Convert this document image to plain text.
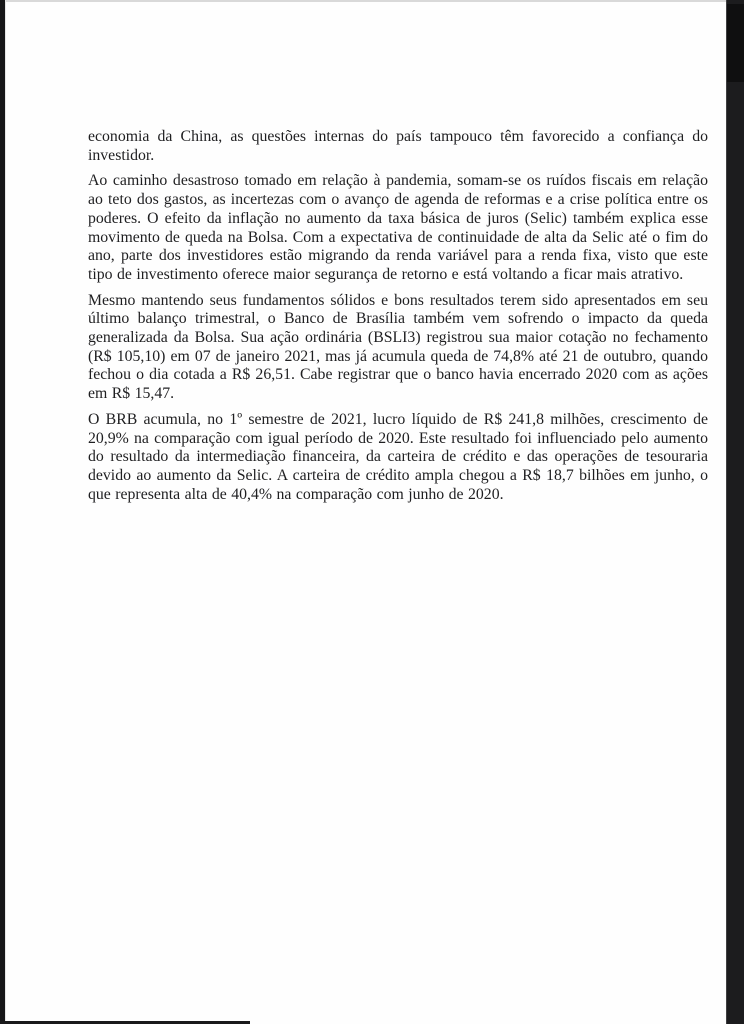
economia da China, as questões internas do país tampouco têm favorecido a confiança do investidor.

Ao caminho desastroso tomado em relação à pandemia, somam-se os ruídos fiscais em relação ao teto dos gastos, as incertezas com o avanço de agenda de reformas e a crise política entre os poderes. O efeito da inflação no aumento da taxa básica de juros (Selic) também explica esse movimento de queda na Bolsa. Com a expectativa de continuidade de alta da Selic até o fim do ano, parte dos investidores estão migrando da renda variável para a renda fixa, visto que este tipo de investimento oferece maior segurança de retorno e está voltando a ficar mais atrativo.

Mesmo mantendo seus fundamentos sólidos e bons resultados terem sido apresentados em seu último balanço trimestral, o Banco de Brasília também vem sofrendo o impacto da queda generalizada da Bolsa. Sua ação ordinária (BSLI3) registrou sua maior cotação no fechamento (R$ 105,10) em 07 de janeiro 2021, mas já acumula queda de 74,8% até 21 de outubro, quando fechou o dia cotada a R$ 26,51. Cabe registrar que o banco havia encerrado 2020 com as ações em R$ 15,47.

O BRB acumula, no 1º semestre de 2021, lucro líquido de R$ 241,8 milhões, crescimento de 20,9% na comparação com igual período de 2020. Este resultado foi influenciado pelo aumento do resultado da intermediação financeira, da carteira de crédito e das operações de tesouraria devido ao aumento da Selic. A carteira de crédito ampla chegou a R$ 18,7 bilhões em junho, o que representa alta de 40,4% na comparação com junho de 2020.
